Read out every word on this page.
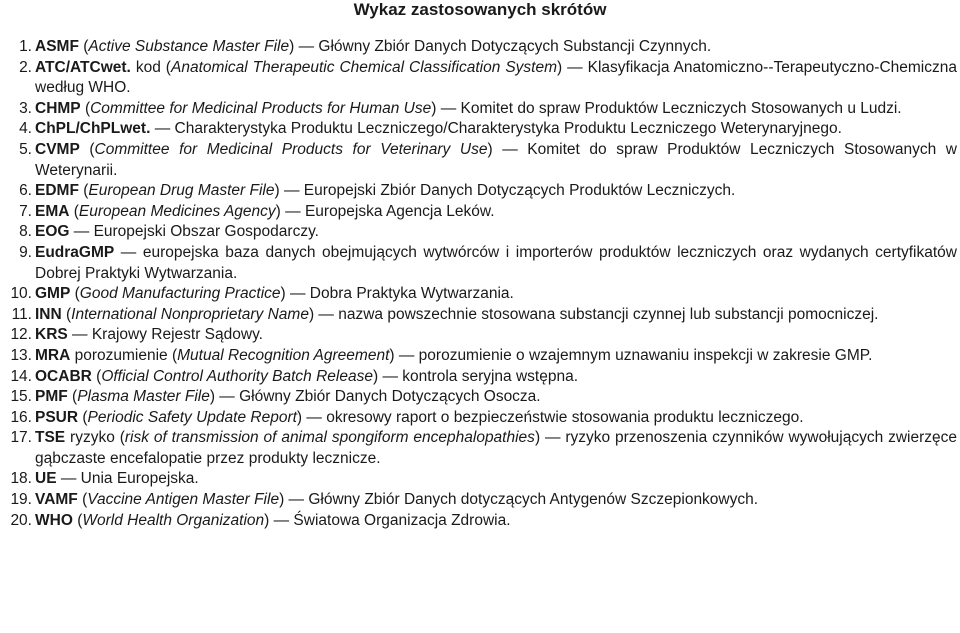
Wykaz zastosowanych skrótów
1. ASMF (Active Substance Master File) — Główny Zbiór Danych Dotyczących Substancji Czynnych.
2. ATC/ATCwet. kod (Anatomical Therapeutic Chemical Classification System) — Klasyfikacja Anatomiczno--Terapeutyczno-Chemiczna według WHO.
3. CHMP (Committee for Medicinal Products for Human Use) — Komitet do spraw Produktów Leczniczych Stosowanych u Ludzi.
4. ChPL/ChPLwet. — Charakterystyka Produktu Leczniczego/Charakterystyka Produktu Leczniczego Weterynaryjnego.
5. CVMP (Committee for Medicinal Products for Veterinary Use) — Komitet do spraw Produktów Leczniczych Stosowanych w Weterynarii.
6. EDMF (European Drug Master File) — Europejski Zbiór Danych Dotyczących Produktów Leczniczych.
7. EMA (European Medicines Agency) — Europejska Agencja Leków.
8. EOG — Europejski Obszar Gospodarczy.
9. EudraGMP — europejska baza danych obejmujących wytwórców i importerów produktów leczniczych oraz wydanych certyfikatów Dobrej Praktyki Wytwarzania.
10. GMP (Good Manufacturing Practice) — Dobra Praktyka Wytwarzania.
11. INN (International Nonproprietary Name) — nazwa powszechnie stosowana substancji czynnej lub substancji pomocniczej.
12. KRS — Krajowy Rejestr Sądowy.
13. MRA porozumienie (Mutual Recognition Agreement) — porozumienie o wzajemnym uznawaniu inspekcji w zakresie GMP.
14. OCABR (Official Control Authority Batch Release) — kontrola seryjna wstępna.
15. PMF (Plasma Master File) — Główny Zbiór Danych Dotyczących Osocza.
16. PSUR (Periodic Safety Update Report) — okresowy raport o bezpieczeństwie stosowania produktu leczniczego.
17. TSE ryzyko (risk of transmission of animal spongiform encephalopathies) — ryzyko przenoszenia czynników wywołujących zwierzęce gąbczaste encefalopatie przez produkty lecznicze.
18. UE — Unia Europejska.
19. VAMF (Vaccine Antigen Master File) — Główny Zbiór Danych dotyczących Antygenów Szczepionkowych.
20. WHO (World Health Organization) — Światowa Organizacja Zdrowia.
